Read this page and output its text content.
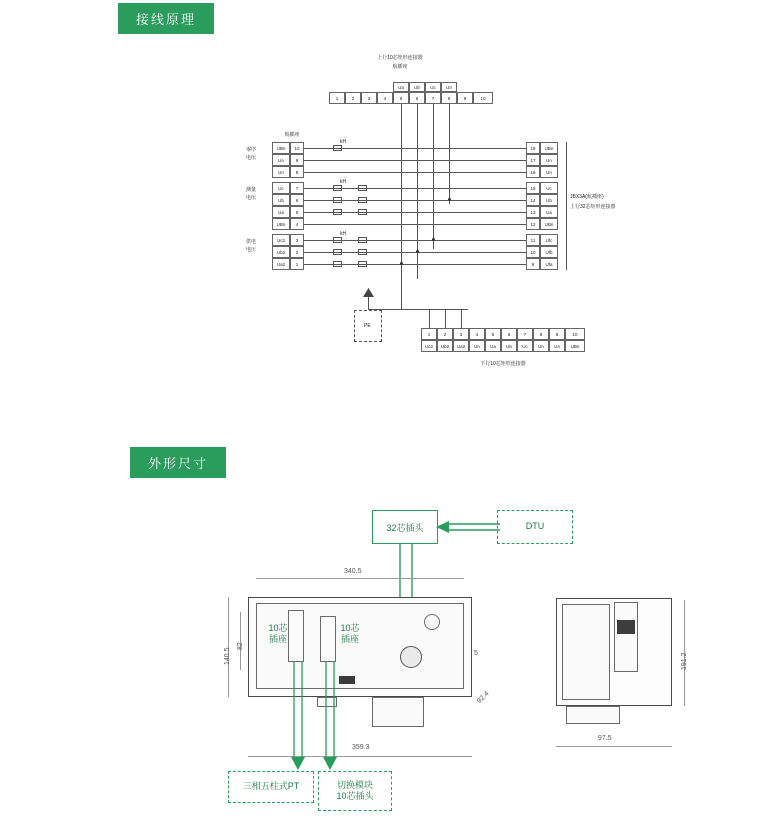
接线原理
外形尺寸
上行10芯矩形连接器
航插座
Ua	Ub	Uc	Un
1	2	3	4	5	6	7	8	9	10
航插座
零序
电压
测量
电压
供电
电压
UBn	10
UA	9
Un	8
Uc	7
Ub	6
Ua	5
UBn	4
Uc2	3
Ub2	2
Ua2	1
kH
kH
kH
18	UBn
17	Un
16	Un
15	Uc
14	Ub
13	Ua
12	UBn
11	Ufc
10	Ufb
9	Ufa
JBX3A(航插座)
上行32芯矩形连接器
PE
1	2	3	4	5	6	7	8	9	10
Uc2	Ub2	Ua2	Un	Ua	Ub	Uc	Un	UA	UBn
下行10芯矩形连接器
32芯插头	DTU
10芯
插座
10芯
插座
340.5
359.3
140.5
82
5
92.4
191.2
97.5
三相五柱式PT	切换模块
10芯插头
